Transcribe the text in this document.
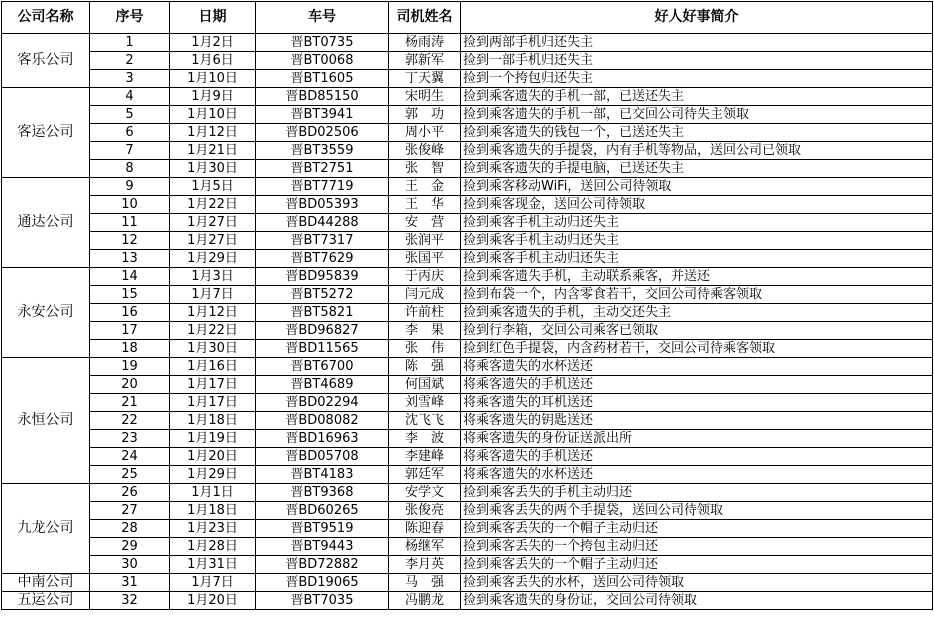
公司名称	序号	日期	车号	司机姓名	好人好事简介
客乐公司	1	1月2日	晋BT0735	杨雨涛	捡到两部手机归还失主
	2	1月6日	晋BT0068	郭新军	捡到一部手机归还失主
	3	1月10日	晋BT1605	丁天翼	捡到一个挎包归还失主
客运公司	4	1月9日	晋BD85150	宋明生	捡到乘客遗失的手机一部，已送还失主
	5	1月10日	晋BT3941	郭　功	捡到乘客遗失的手机一部，已交回公司待失主领取
	6	1月12日	晋BD02506	周小平	捡到乘客遗失的钱包一个，已送还失主
	7	1月21日	晋BT3559	张俊峰	捡到乘客遗失的手提袋，内有手机等物品，送回公司已领取
	8	1月30日	晋BT2751	张　智	捡到乘客遗失的手提电脑，已送还失主
通达公司	9	1月5日	晋BT7719	王　金	捡到乘客移动WiFi，送回公司待领取
	10	1月22日	晋BD05393	王　华	捡到乘客现金，送回公司待领取
	11	1月27日	晋BD44288	安　营	捡到乘客手机主动归还失主
	12	1月27日	晋BT7317	张润平	捡到乘客手机主动归还失主
	13	1月29日	晋BT7629	张国平	捡到乘客手机主动归还失主
永安公司	14	1月3日	晋BD95839	于丙庆	捡到乘客遗失手机，主动联系乘客，并送还
	15	1月7日	晋BT5272	闫元成	捡到布袋一个，内含零食若干，交回公司待乘客领取
	16	1月12日	晋BT5821	许前柱	捡到乘客遗失的手机，主动交还失主
	17	1月22日	晋BD96827	李　果	捡到行李箱，交回公司乘客已领取
	18	1月30日	晋BD11565	张　伟	捡到红色手提袋，内含药材若干，交回公司待乘客领取
永恒公司	19	1月16日	晋BT6700	陈　强	将乘客遗失的水杯送还
	20	1月17日	晋BT4689	何国斌	将乘客遗失的手机送还
	21	1月17日	晋BD02294	刘雪峰	将乘客遗失的耳机送还
	22	1月18日	晋BD08082	沈飞飞	将乘客遗失的钥匙送还
	23	1月19日	晋BD16963	李　波	将乘客遗失的身份证送派出所
	24	1月20日	晋BD05708	李建峰	将乘客遗失的手机送还
	25	1月29日	晋BT4183	郭廷军	将乘客遗失的水杯送还
九龙公司	26	1月1日	晋BT9368	安学文	捡到乘客丢失的手机主动归还
	27	1月18日	晋BD60265	张俊亮	捡到乘客丢失的两个手提袋，送回公司待领取
	28	1月23日	晋BT9519	陈迎春	捡到乘客丢失的一个帽子主动归还
	29	1月28日	晋BT9443	杨继军	捡到乘客丢失的一个挎包主动归还
	30	1月31日	晋BD72882	李月英	捡到乘客丢失的一个帽子主动归还
中南公司	31	1月7日	晋BD19065	马　强	捡到乘客丢失的水杯，送回公司待领取
五运公司	32	1月20日	晋BT7035	冯鹏龙	捡到乘客遗失的身份证，交回公司待领取
